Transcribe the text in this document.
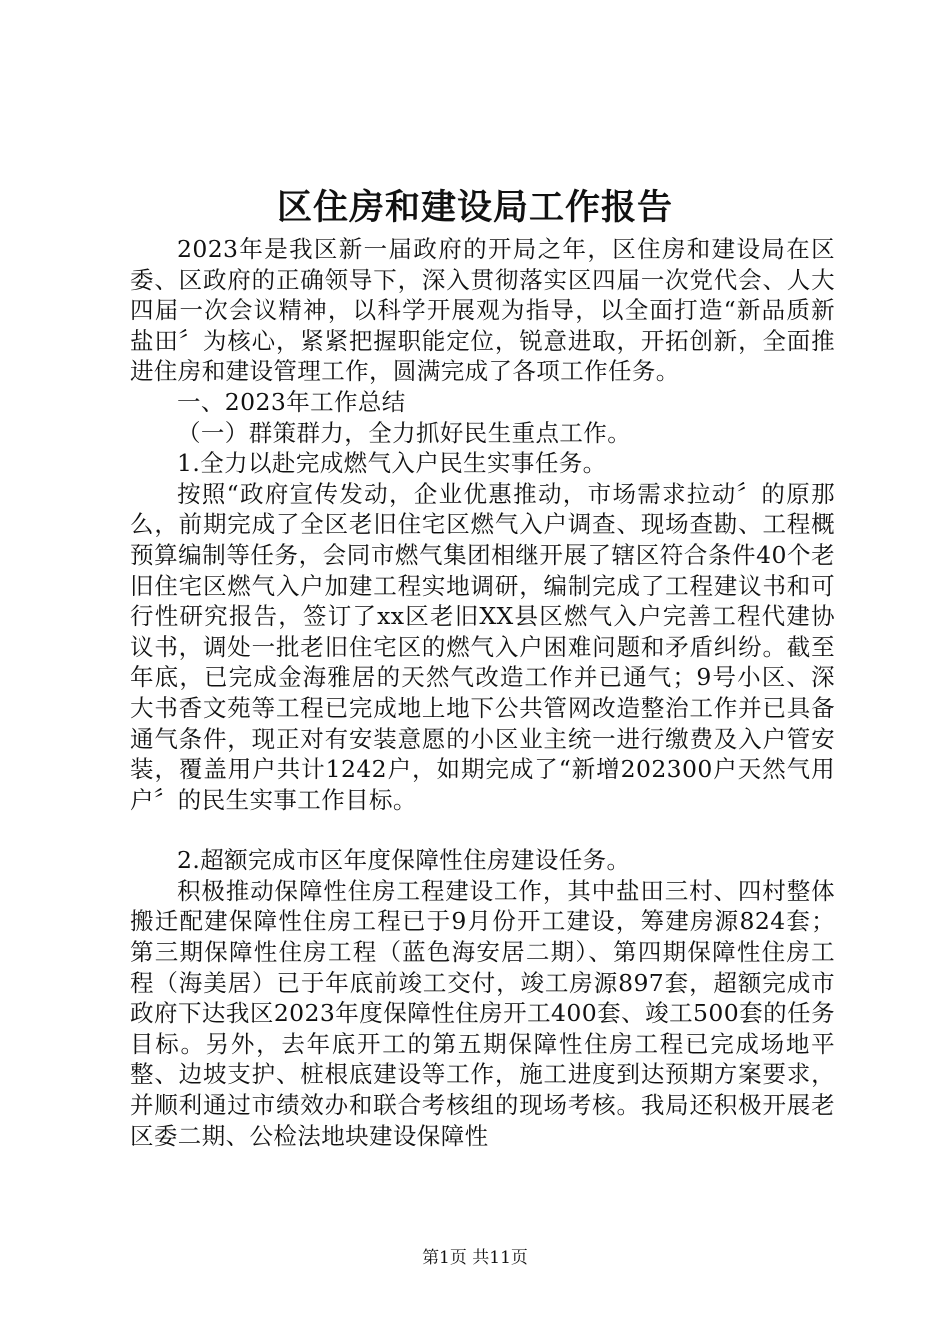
区住房和建设局工作报告

2023年是我区新一届政府的开局之年，区住房和建设局在区委、区政府的正确领导下，深入贯彻落实区四届一次党代会、人大四届一次会议精神，以科学开展观为指导，以全面打造“新品质新盐田〞为核心，紧紧把握职能定位，锐意进取，开拓创新，全面推进住房和建设管理工作，圆满完成了各项工作任务。

一、2023年工作总结

（一）群策群力，全力抓好民生重点工作。

1.全力以赴完成燃气入户民生实事任务。

按照“政府宣传发动，企业优惠推动，市场需求拉动〞的原那么，前期完成了全区老旧住宅区燃气入户调查、现场查勘、工程概预算编制等任务，会同市燃气集团相继开展了辖区符合条件40个老旧住宅区燃气入户加建工程实地调研，编制完成了工程建议书和可行性研究报告，签订了xx区老旧XX县区燃气入户完善工程代建协议书，调处一批老旧住宅区的燃气入户困难问题和矛盾纠纷。截至年底，已完成金海雅居的天然气改造工作并已通气；9号小区、深大书香文苑等工程已完成地上地下公共管网改造整治工作并已具备通气条件，现正对有安装意愿的小区业主统一进行缴费及入户管安装，覆盖用户共计1242户，如期完成了“新增202300户天然气用户〞的民生实事工作目标。

2.超额完成市区年度保障性住房建设任务。

积极推动保障性住房工程建设工作，其中盐田三村、四村整体搬迁配建保障性住房工程已于9月份开工建设，筹建房源824套；第三期保障性住房工程（蓝色海安居二期）、第四期保障性住房工程（海美居）已于年底前竣工交付，竣工房源897套，超额完成市政府下达我区2023年度保障性住房开工400套、竣工500套的任务目标。另外，去年底开工的第五期保障性住房工程已完成场地平整、边坡支护、桩根底建设等工作，施工进度到达预期方案要求，并顺利通过市绩效办和联合考核组的现场考核。我局还积极开展老区委二期、公检法地块建设保障性

第1页 共11页
